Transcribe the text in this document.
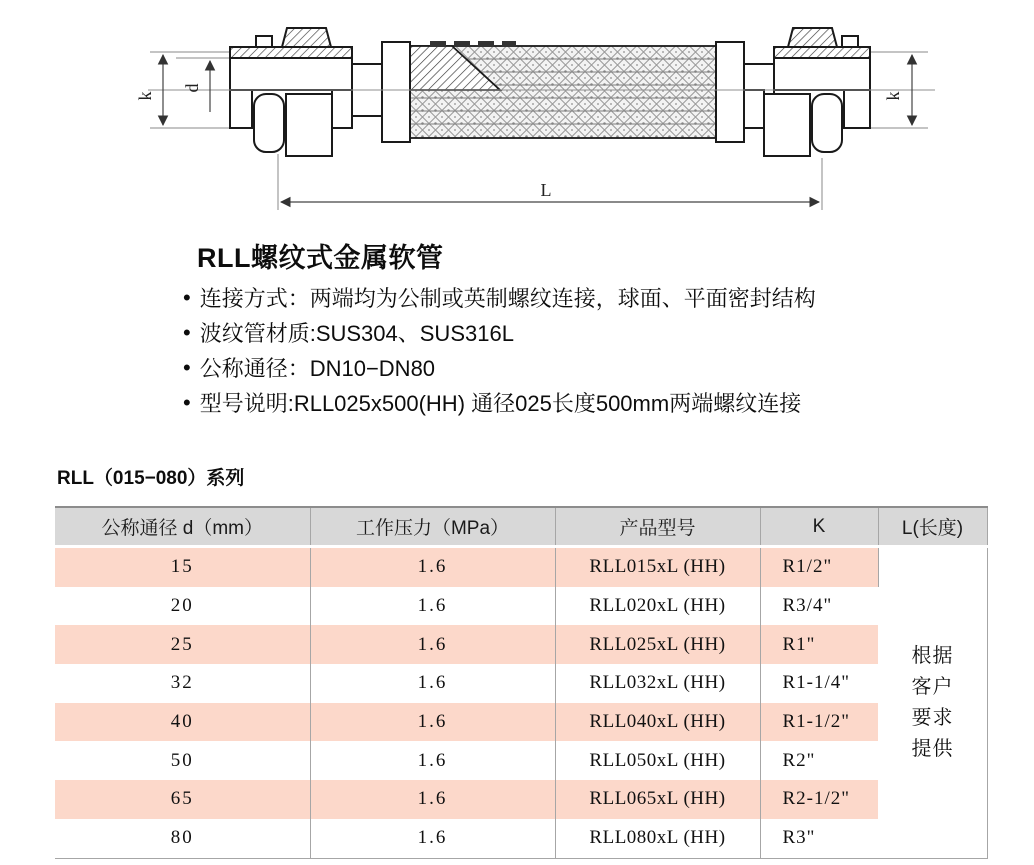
k
d
k
L
RLL螺纹式金属软管
• 连接方式：两端均为公制或英制螺纹连接，球面、平面密封结构
• 波纹管材质:SUS304、SUS316L
• 公称通径：DN10−DN80
• 型号说明:RLL025x500(HH) 通径025长度500mm两端螺纹连接
RLL（015−080）系列
公称通径 d（mm）	工作压力（MPa）	产品型号	K	L(长度)
15	1.6	RLL015xL (HH)	R1/2"	根据
客户
要求
提供

20	1.6	RLL020xL (HH)	R3/4"	
25	1.6	RLL025xL (HH)	R1"	
32	1.6	RLL032xL (HH)	R1-1/4"	
40	1.6	RLL040xL (HH)	R1-1/2"	
50	1.6	RLL050xL (HH)	R2"	
65	1.6	RLL065xL (HH)	R2-1/2"	
80	1.6	RLL080xL (HH)	R3"	
